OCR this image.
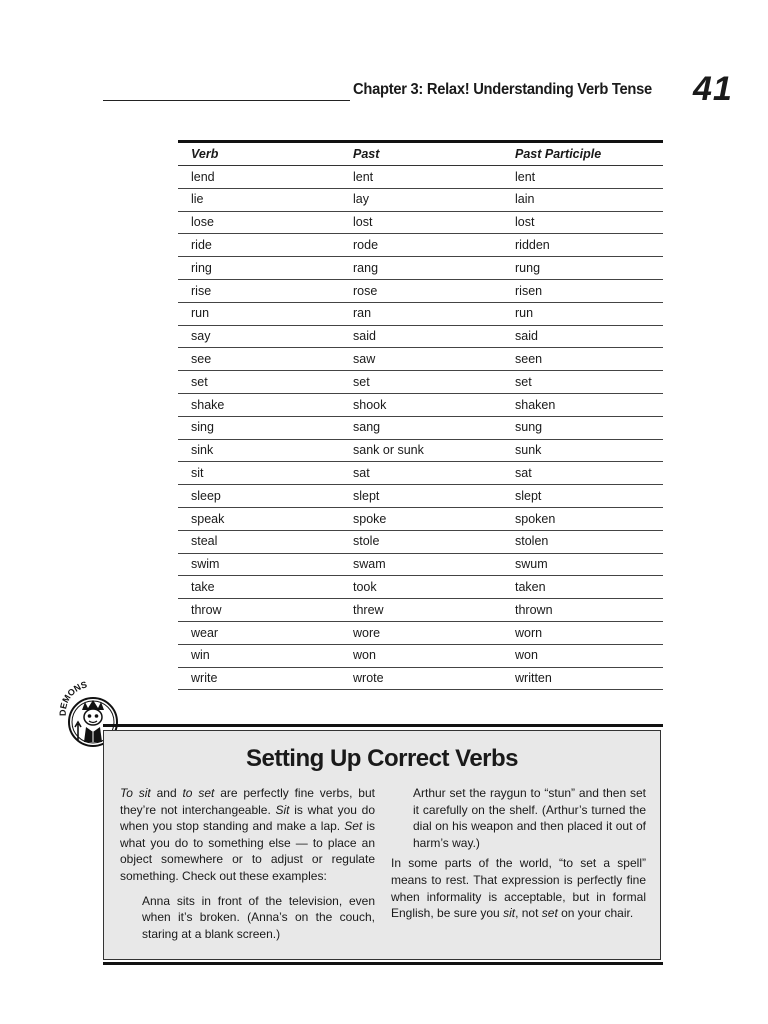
Chapter 3: Relax! Understanding Verb Tense 41
Verb	Past	Past Participle
lend	lent	lent
lie	lay	lain
lose	lost	lost
ride	rode	ridden
ring	rang	rung
rise	rose	risen
run	ran	run
say	said	said
see	saw	seen
set	set	set
shake	shook	shaken
sing	sang	sung
sink	sank or sunk	sunk
sit	sat	sat
sleep	slept	slept
speak	spoke	spoken
steal	stole	stolen
swim	swam	swum
take	took	taken
throw	threw	thrown
wear	wore	worn
win	won	won
write	wrote	written
DEMONS
Setting Up Correct Verbs

To sit and to set are perfectly fine verbs, but they’re not interchangeable. Sit is what you do when you stop standing and make a lap. Set is what you do to something else — to place an object somewhere or to adjust or regulate something. Check out these examples:

Anna sits in front of the television, even when it’s broken. (Anna’s on the couch, staring at a blank screen.)

Arthur set the raygun to “stun” and then set it carefully on the shelf. (Arthur’s turned the dial on his weapon and then placed it out of harm’s way.)

In some parts of the world, “to set a spell” means to rest. That expression is perfectly fine when informality is acceptable, but in formal English, be sure you sit, not set on your chair.
